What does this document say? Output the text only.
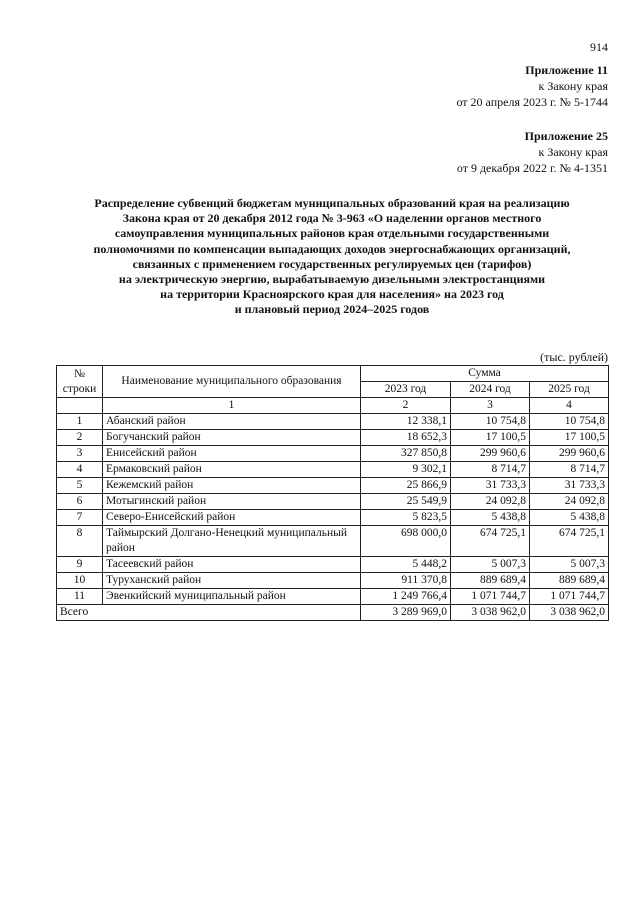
914
Приложение 11
к Закону края
от 20 апреля 2023 г. № 5-1744
Приложение 25
к Закону края
от 9 декабря 2022 г. № 4-1351
Распределение субвенций бюджетам муниципальных образований края на реализацию
Закона края от 20 декабря 2012 года № 3-963 «О наделении органов местного
самоуправления муниципальных районов края отдельными государственными
полномочиями по компенсации выпадающих доходов энергоснабжающих организаций,
связанных с применением государственных регулируемых цен (тарифов)
на электрическую энергию, вырабатываемую дизельными электростанциями
на территории Красноярского края для населения» на 2023 год
и плановый период 2024–2025 годов
(тыс. рублей)
№ строки	Наименование муниципального образования	Сумма		
		2023 год	2024 год	2025 год
	1	2	3	4
1	Абанский район	12 338,1	10 754,8	10 754,8
2	Богучанский район	18 652,3	17 100,5	17 100,5
3	Енисейский район	327 850,8	299 960,6	299 960,6
4	Ермаковский район	9 302,1	8 714,7	8 714,7
5	Кежемский район	25 866,9	31 733,3	31 733,3
6	Мотыгинский район	25 549,9	24 092,8	24 092,8
7	Северо-Енисейский район	5 823,5	5 438,8	5 438,8
8	Таймырский Долгано-Ненецкий муниципальный район	698 000,0	674 725,1	674 725,1
9	Тасеевский район	5 448,2	5 007,3	5 007,3
10	Туруханский район	911 370,8	889 689,4	889 689,4
11	Эвенкийский муниципальный район	1 249 766,4	1 071 744,7	1 071 744,7
Всего		3 289 969,0	3 038 962,0	3 038 962,0
